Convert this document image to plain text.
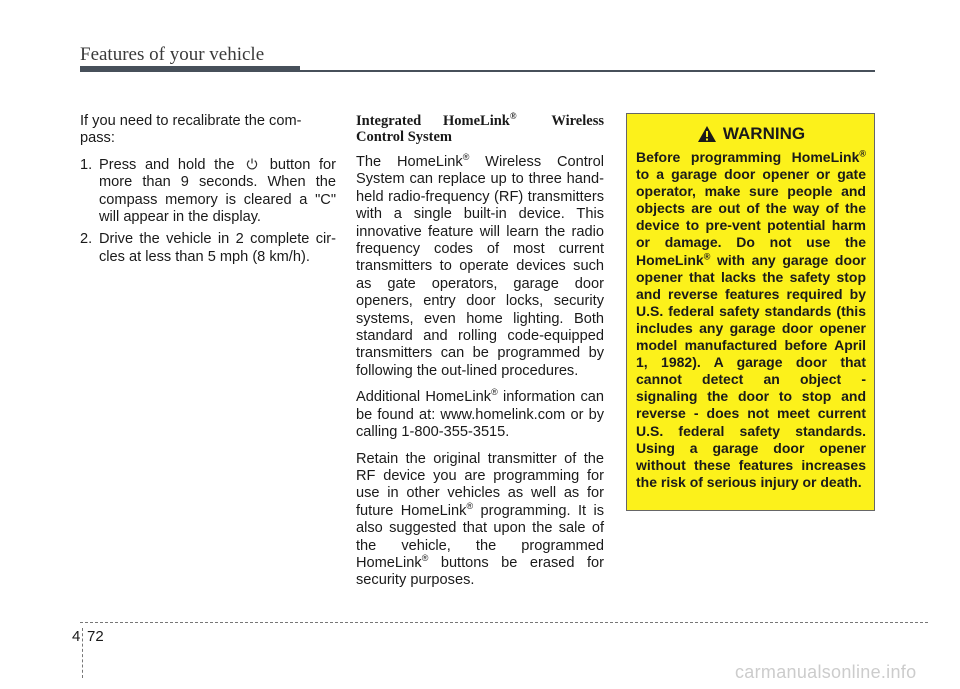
Features of your vehicle

If you need to recalibrate the com-pass:

1. Press and hold the button for more than 9 seconds. When the compass memory is cleared a "C" will appear in the display.
2. Drive the vehicle in 2 complete cir-cles at less than 5 mph (8 km/h).
Integrated HomeLink® Wireless

Control System

The HomeLink® Wireless Control System can replace up to three hand-held radio-frequency (RF) transmitters with a single built-in device. This innovative feature will learn the radio frequency codes of most current transmitters to operate devices such as gate operators, garage door openers, entry door locks, security systems, even home lighting. Both standard and rolling code-equipped transmitters can be programmed by following the out-lined procedures.

Additional HomeLink® information can be found at: www.homelink.com or by calling 1-800-355-3515.

Retain the original transmitter of the RF device you are programming for use in other vehicles as well as for future HomeLink® programming. It is also suggested that upon the sale of the vehicle, the programmed HomeLink® buttons be erased for security purposes.

WARNING
Before programming HomeLink® to a garage door opener or gate operator, make sure people and objects are out of the way of the device to pre-vent potential harm or damage. Do not use the HomeLink® with any garage door opener that lacks the safety stop and reverse features required by U.S. federal safety standards (this includes any garage door opener model manufactured before April 1, 1982). A garage door that cannot detect an object - signaling the door to stop and reverse - does not meet current U.S. federal safety standards. Using a garage door opener without these features increases the risk of serious injury or death.
4 72
carmanualsonline.info
